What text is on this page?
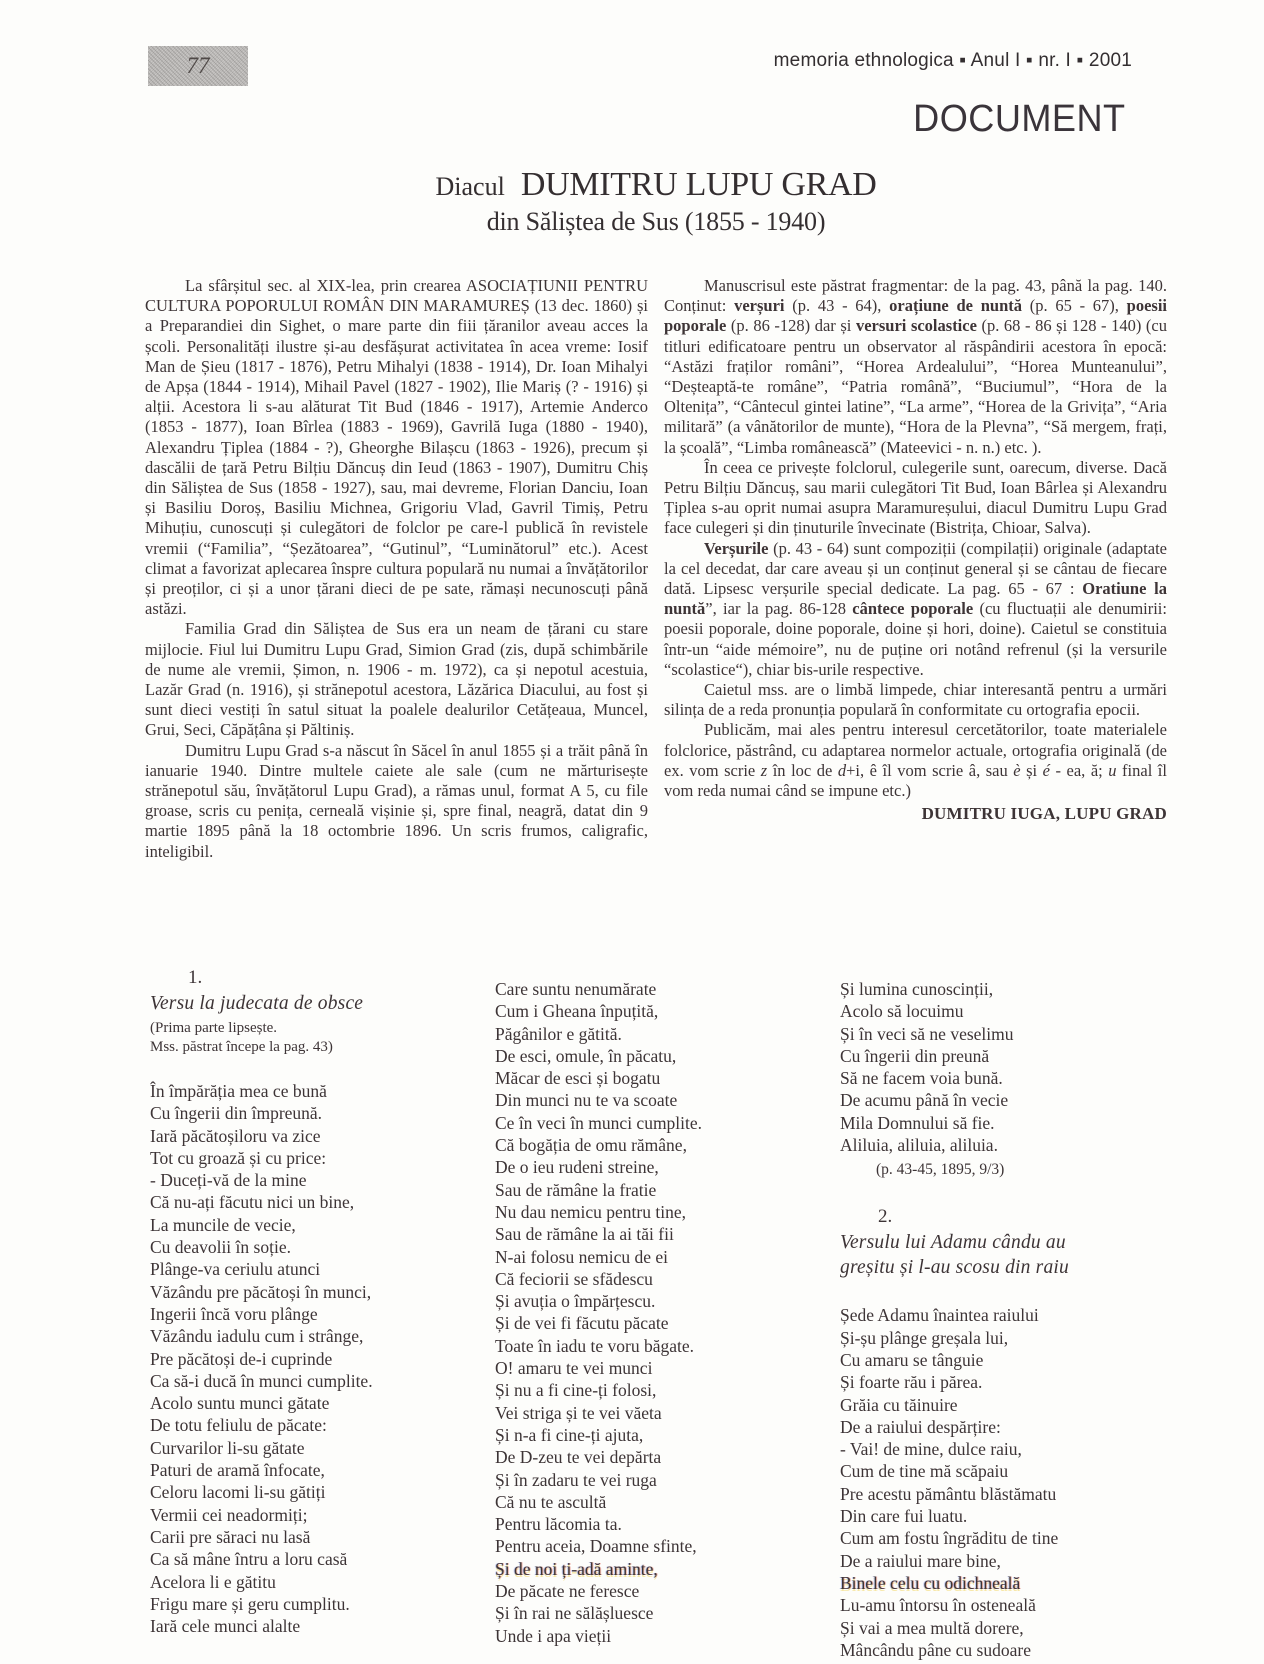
77	memoria ethnologica ▪ Anul I ▪ nr. I ▪ 2001
DOCUMENT
Diacul DUMITRU LUPU GRAD
din Săliștea de Sus (1855 - 1940)

La sfârșitul sec. al XIX-lea, prin crearea ASOCIAȚIUNII PENTRU CULTURA POPORULUI ROMÂN DIN MARAMUREȘ (13 dec. 1860) și a Preparandiei din Sighet, o mare parte din fiii țăranilor aveau acces la școli. Personalități ilustre și-au desfășurat activitatea în acea vreme: Iosif Man de Șieu (1817 - 1876), Petru Mihalyi (1838 - 1914), Dr. Ioan Mihalyi de Apșa (1844 - 1914), Mihail Pavel (1827 - 1902), Ilie Mariș (? - 1916) și alții. Acestora li s-au alăturat Tit Bud (1846 - 1917), Artemie Anderco (1853 - 1877), Ioan Bîrlea (1883 - 1969), Gavrilă Iuga (1880 - 1940), Alexandru Țiplea (1884 - ?), Gheorghe Bilașcu (1863 - 1926), precum și dascălii de țară Petru Bilțiu Dăncuș din Ieud (1863 - 1907), Dumitru Chiș din Săliștea de Sus (1858 - 1927), sau, mai devreme, Florian Danciu, Ioan și Basiliu Doroș, Basiliu Michnea, Grigoriu Vlad, Gavril Timiș, Petru Mihuțiu, cunoscuți și culegători de folclor pe care-l publică în revistele vremii (“Familia”, “Șezătoarea”, “Gutinul”, “Luminătorul” etc.). Acest climat a favorizat aplecarea înspre cultura populară nu numai a învățătorilor și preoților, ci și a unor țărani dieci de pe sate, rămași necunoscuți până astăzi.

Familia Grad din Săliștea de Sus era un neam de țărani cu stare mijlocie. Fiul lui Dumitru Lupu Grad, Simion Grad (zis, după schimbările de nume ale vremii, Șimon, n. 1906 - m. 1972), ca și nepotul acestuia, Lazăr Grad (n. 1916), și strănepotul acestora, Lăzărica Diacului, au fost și sunt dieci vestiți în satul situat la poalele dealurilor Cetățeaua, Muncel, Grui, Seci, Căpățâna și Păltiniș.

Dumitru Lupu Grad s-a născut în Săcel în anul 1855 și a trăit până în ianuarie 1940. Dintre multele caiete ale sale (cum ne mărturisește strănepotul său, învățătorul Lupu Grad), a rămas unul, format A 5, cu file groase, scris cu penița, cerneală vișinie și, spre final, neagră, datat din 9 martie 1895 până la 18 octombrie 1896. Un scris frumos, caligrafic, inteligibil.

Manuscrisul este păstrat fragmentar: de la pag. 43, până la pag. 140. Conținut: verșuri (p. 43 - 64), orațiune de nuntă (p. 65 - 67), poesii poporale (p. 86 -128) dar și versuri scolastice (p. 68 - 86 și 128 - 140) (cu titluri edificatoare pentru un observator al răspândirii acestora în epocă: “Astăzi fraților români”, “Horea Ardealului”, “Horea Munteanului”, “Deșteaptă-te române”, “Patria română”, “Buciumul”, “Hora de la Oltenița”, “Cântecul gintei latine”, “La arme”, “Horea de la Grivița”, “Aria militară” (a vânătorilor de munte), “Hora de la Plevna”, “Să mergem, frați, la școală”, “Limba românească” (Mateevici - n. n.) etc. ).

În ceea ce privește folclorul, culegerile sunt, oarecum, diverse. Dacă Petru Bilțiu Dăncuș, sau marii culegători Tit Bud, Ioan Bârlea și Alexandru Țiplea s-au oprit numai asupra Maramureșului, diacul Dumitru Lupu Grad face culegeri și din ținuturile învecinate (Bistrița, Chioar, Salva).

Verșurile (p. 43 - 64) sunt compoziții (compilații) originale (adaptate la cel decedat, dar care aveau și un conținut general și se cântau de fiecare dată. Lipsesc verșurile special dedicate. La pag. 65 - 67 : Oratiune la nuntă”, iar la pag. 86-128 cântece poporale (cu fluctuații ale denumirii: poesii poporale, doine poporale, doine și hori, doine). Caietul se constituia într-un “aide mémoire”, nu de puține ori notând refrenul (și la versurile “scolastice“), chiar bis-urile respective.

Caietul mss. are o limbă limpede, chiar interesantă pentru a urmări silința de a reda pronunția populară în conformitate cu ortografia epocii.

Publicăm, mai ales pentru interesul cercetătorilor, toate materialele folclorice, păstrând, cu adaptarea normelor actuale, ortografia originală (de ex. vom scrie z în loc de d+i, ê îl vom scrie â, sau è și é - ea, ă; u final îl vom reda numai când se impune etc.)

DUMITRU IUGA, LUPU GRAD
1.
Versu la judecata de obsce
(Prima parte lipsește.
Mss. păstrat începe la pag. 43)
În împărăția mea ce bună
Cu îngerii din împreună.
Iară păcătoșiloru va zice
Tot cu groază și cu price:
- Duceți-vă de la mine
Că nu-ați făcutu nici un bine,
La muncile de vecie,
Cu deavolii în soție.
Plânge-va ceriulu atunci
Văzându pre păcătoși în munci,
Ingerii încă voru plânge
Văzându iadulu cum i strânge,
Pre păcătoși de-i cuprinde
Ca să-i ducă în munci cumplite.
Acolo suntu munci gătate
De totu feliulu de păcate:
Curvarilor li-su gătate
Paturi de aramă înfocate,
Celoru lacomi li-su gătiți
Vermii cei neadormiți;
Carii pre săraci nu lasă
Ca să mâne întru a loru casă
Acelora li e gătitu
Frigu mare și geru cumplitu.
Iară cele munci alalte
Care suntu nenumărate
Cum i Gheana înpuțită,
Păgânilor e gătită.
De esci, omule, în păcatu,
Măcar de esci și bogatu
Din munci nu te va scoate
Ce în veci în munci cumplite.
Că bogăția de omu rămâne,
De o ieu rudeni streine,
Sau de rămâne la fratie
Nu dau nemicu pentru tine,
Sau de rămâne la ai tăi fii
N-ai folosu nemicu de ei
Că feciorii se sfădescu
Și avuția o împărțescu.
Și de vei fi făcutu păcate
Toate în iadu te voru băgate.
O! amaru te vei munci
Și nu a fi cine-ți folosi,
Vei striga și te vei văeta
Și n-a fi cine-ți ajuta,
De D-zeu te vei depărta
Și în zadaru te vei ruga
Că nu te ascultă
Pentru lăcomia ta.
Pentru aceia, Doamne sfinte,
Și de noi ți-adă aminte,
De păcate ne feresce
Și în rai ne sălășluesce
Unde i apa vieții
Și lumina cunoscinții,
Acolo să locuimu
Și în veci să ne veselimu
Cu îngerii din preună
Să ne facem voia bună.
De acumu până în vecie
Mila Domnului să fie.
Aliluia, aliluia, aliluia.
(p. 43-45, 1895, 9/3)
2.
Versulu lui Adamu cându au
greșitu și l-au scosu din raiu
Șede Adamu înaintea raiului
Și-șu plânge greșala lui,
Cu amaru se tânguie
Și foarte rău i părea.
Grăia cu tăinuire
De a raiului despărțire:
- Vai! de mine, dulce raiu,
Cum de tine mă scăpaiu
Pre acestu pământu blăstămatu
Din care fui luatu.
Cum am fostu îngrăditu de tine
De a raiului mare bine,
Binele celu cu odichneală
Lu-amu întorsu în osteneală
Și vai a mea multă dorere,
Mâncându pâne cu sudoare
